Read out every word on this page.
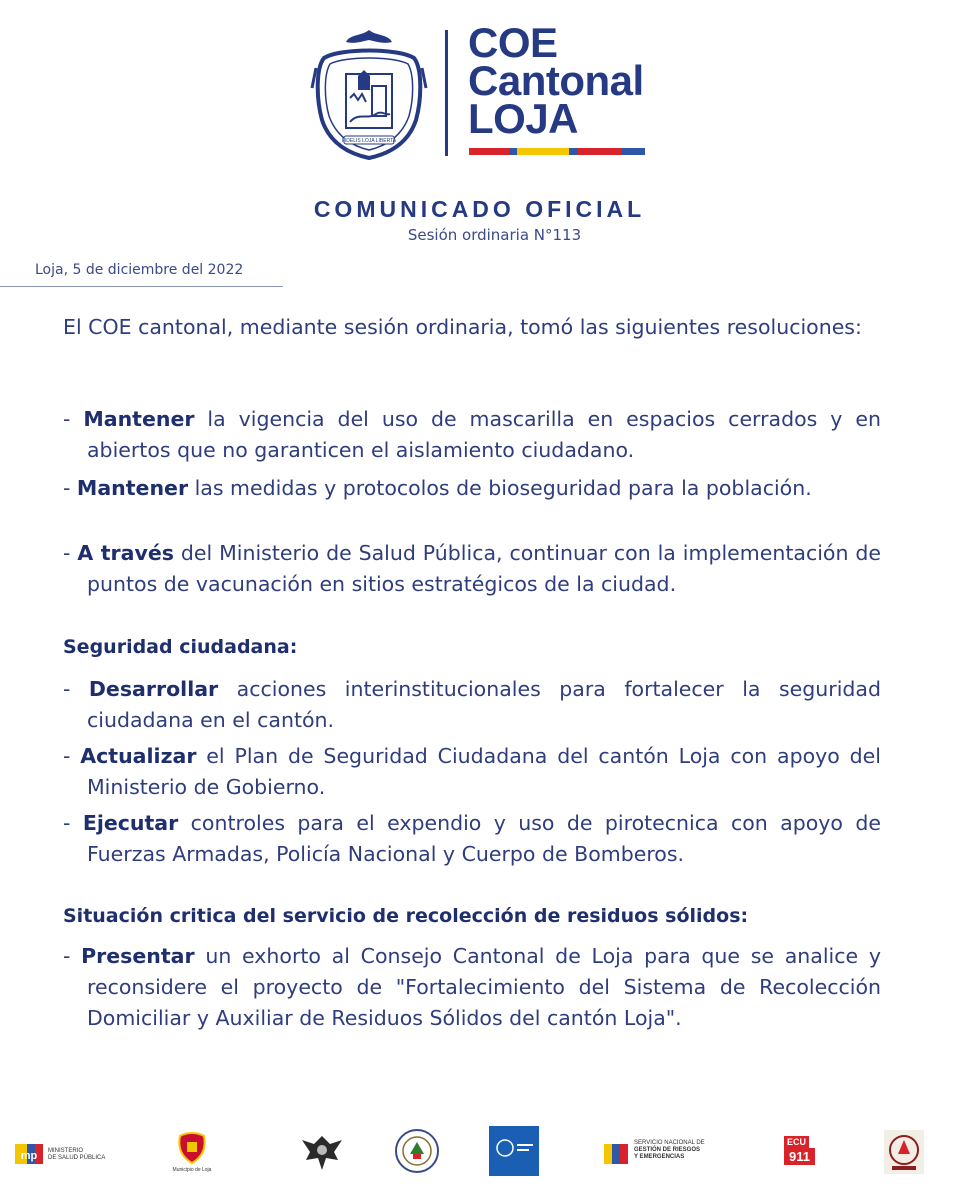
FIDELIS LOJA LIBERTA
COE
Cantonal
LOJA
COMUNICADO OFICIAL
Sesión ordinaria N°113
Loja, 5 de diciembre del 2022
El COE cantonal, mediante sesión ordinaria, tomó las siguientes resoluciones:
- Mantener la vigencia del uso de mascarilla en espacios cerrados y en abiertos que no garanticen el aislamiento ciudadano.
- Mantener las medidas y protocolos de bioseguridad para la población.
- A través del Ministerio de Salud Pública, continuar con la implementación de puntos de vacunación en sitios estratégicos de la ciudad.
Seguridad ciudadana:
- Desarrollar acciones interinstitucionales para fortalecer la seguridad ciudadana en el cantón.
- Actualizar el Plan de Seguridad Ciudadana del cantón Loja con apoyo del Ministerio de Gobierno.
- Ejecutar controles para el expendio y uso de pirotecnica con apoyo de Fuerzas Armadas, Policía Nacional y Cuerpo de Bomberos.
Situación critica del servicio de recolección de residuos sólidos:
- Presentar un exhorto al Consejo Cantonal de Loja para que se analice y reconsidere el proyecto de "Fortalecimiento del Sistema de Recolección Domiciliar y Auxiliar de Residuos Sólidos del cantón Loja".
mp MINISTERIO
DE SALUD PÚBLICA
Municipio de Loja
SERVICIO NACIONAL DE
GESTIÓN DE RIESGOS
Y EMERGENCIAS
ECU
911
